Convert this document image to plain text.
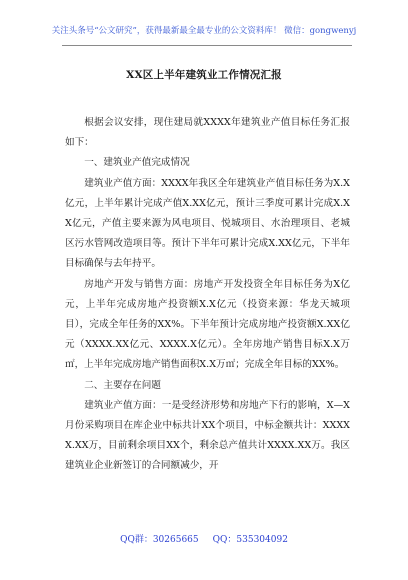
关注头条号“公文研究”，获得最新最全最专业的公文资料库！ 微信：gongwenyj
XX区上半年建筑业工作情况汇报

根据会议安排，现住建局就XXXX年建筑业产值目标任务汇报如下：

一、建筑业产值完成情况

建筑业产值方面：XXXX年我区全年建筑业产值目标任务为X.X亿元，上半年累计完成产值X.XX亿元，预计三季度可累计完成X.XX亿元，产值主要来源为风电项目、悦城项目、水治理项目、老城区污水管网改造项目等。预计下半年可累计完成X.XX亿元，下半年目标确保与去年持平。

房地产开发与销售方面：房地产开发投资全年目标任务为X亿元，上半年完成房地产投资额X.X亿元（投资来源：华龙天城项目），完成全年任务的XX%。下半年预计完成房地产投资额X.XX亿元（XXXX.XX亿元、XXXX.X亿元）。全年房地产销售目标X.X万㎡，上半年完成房地产销售面积X.X万㎡；完成全年目标的XX%。

二、主要存在问题

建筑业产值方面：一是受经济形势和房地产下行的影响，X—X月份采购项目在库企业中标共计XX个项目，中标金额共计：XXXXX.XX万，目前剩余项目XX个，剩余总产值共计XXXX.XX万。我区建筑业企业新签订的合同额减少，开

QQ群：30265665 QQ：535304092
